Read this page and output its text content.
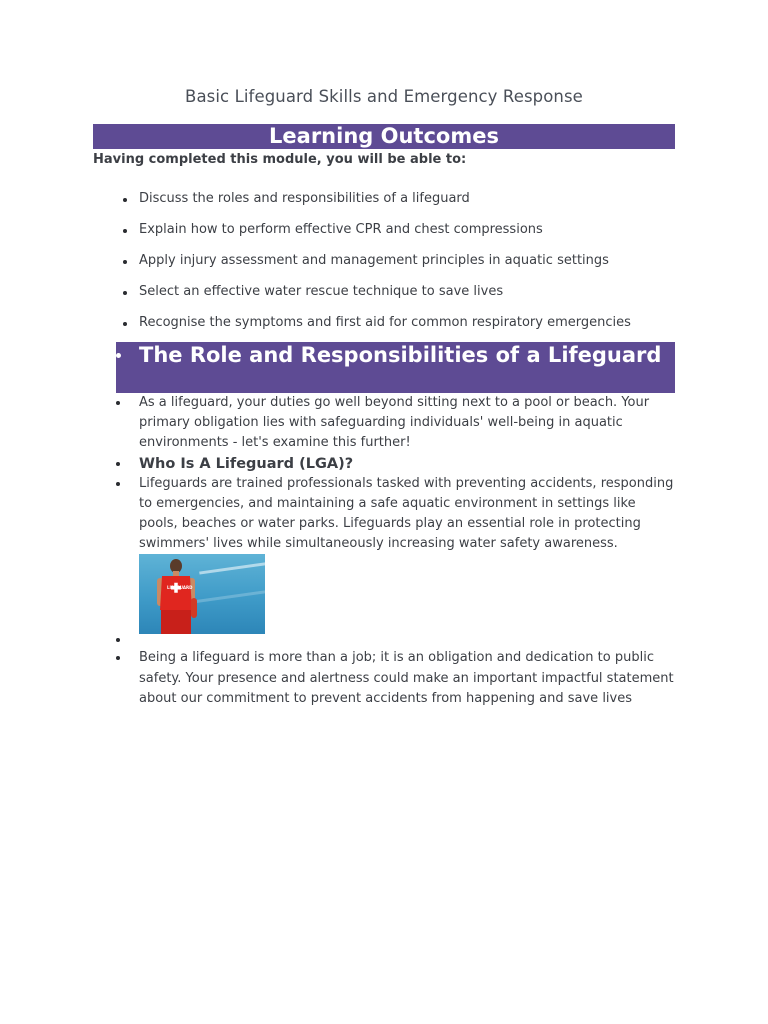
Basic Lifeguard Skills and Emergency Response
Learning Outcomes
Having completed this module, you will be able to:
Discuss the roles and responsibilities of a lifeguard
Explain how to perform effective CPR and chest compressions
Apply injury assessment and management principles in aquatic settings
Select an effective water rescue technique to save lives
Recognise the symptoms and first aid for common respiratory emergencies
The Role and Responsibilities of a Lifeguard
As a lifeguard, your duties go well beyond sitting next to a pool or beach. Your primary obligation lies with safeguarding individuals' well-being in aquatic environments - let's examine this further!
Who Is A Lifeguard (LGA)?
Lifeguards are trained professionals tasked with preventing accidents, responding to emergencies, and maintaining a safe aquatic environment in settings like pools, beaches or water parks. Lifeguards play an essential role in protecting swimmers' lives while simultaneously increasing water safety awareness.
LIFEGUARD
Being a lifeguard is more than a job; it is an obligation and dedication to public safety. Your presence and alertness could make an important impactful statement about our commitment to prevent accidents from happening and save lives
